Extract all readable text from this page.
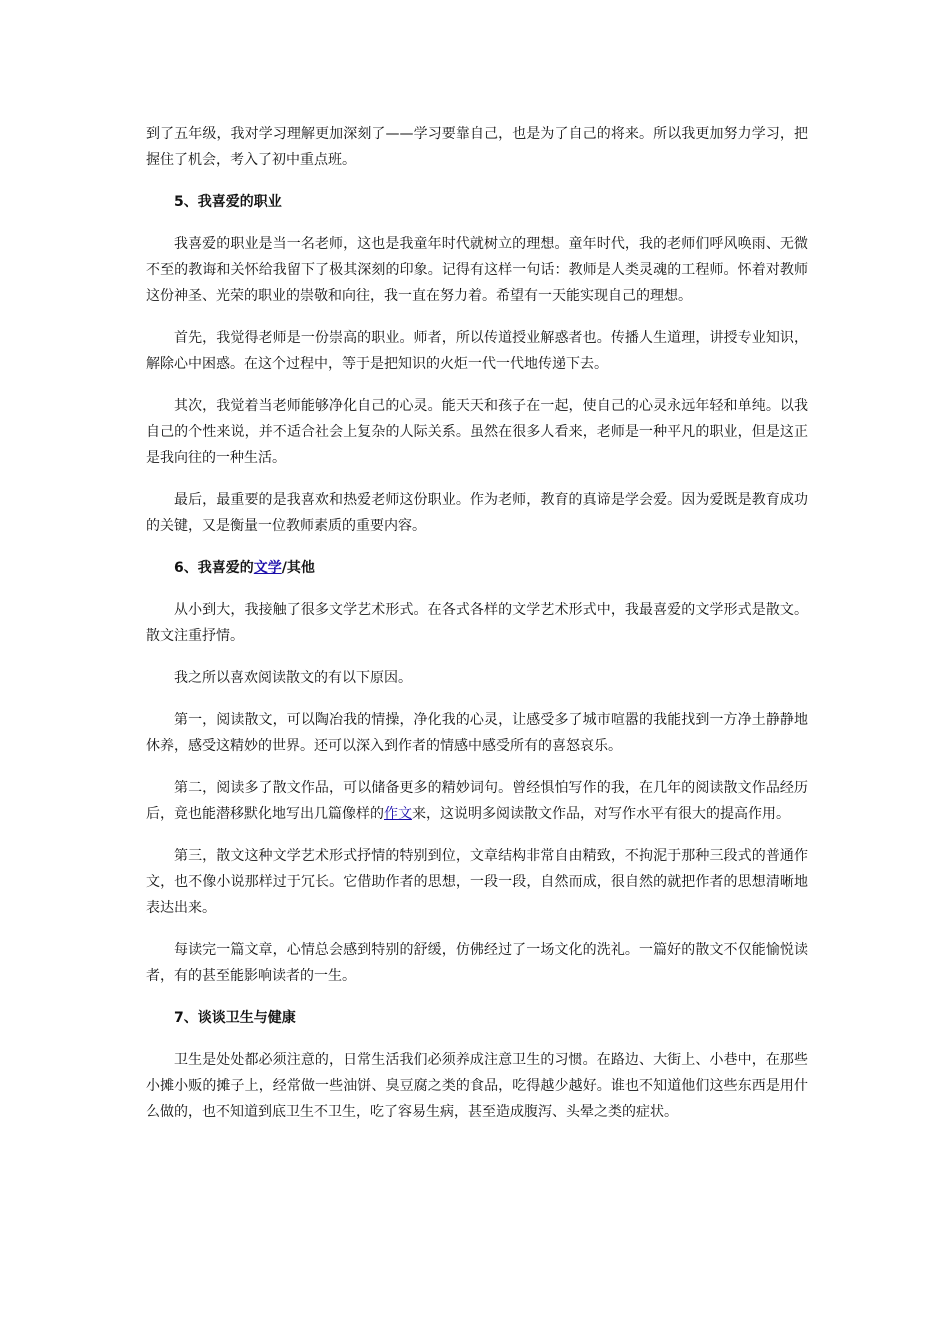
到了五年级，我对学习理解更加深刻了——学习要靠自己，也是为了自己的将来。所以我更加努力学习，把握住了机会，考入了初中重点班。

5、我喜爱的职业

我喜爱的职业是当一名老师，这也是我童年时代就树立的理想。童年时代，我的老师们呼风唤雨、无微不至的教诲和关怀给我留下了极其深刻的印象。记得有这样一句话：教师是人类灵魂的工程师。怀着对教师这份神圣、光荣的职业的崇敬和向往，我一直在努力着。希望有一天能实现自己的理想。

首先，我觉得老师是一份崇高的职业。师者，所以传道授业解惑者也。传播人生道理，讲授专业知识，解除心中困惑。在这个过程中，等于是把知识的火炬一代一代地传递下去。

其次，我觉着当老师能够净化自己的心灵。能天天和孩子在一起，使自己的心灵永远年轻和单纯。以我自己的个性来说，并不适合社会上复杂的人际关系。虽然在很多人看来，老师是一种平凡的职业，但是这正是我向往的一种生活。

最后，最重要的是我喜欢和热爱老师这份职业。作为老师，教育的真谛是学会爱。因为爱既是教育成功的关键，又是衡量一位教师素质的重要内容。

6、我喜爱的文学/其他

从小到大，我接触了很多文学艺术形式。在各式各样的文学艺术形式中，我最喜爱的文学形式是散文。散文注重抒情。

我之所以喜欢阅读散文的有以下原因。

第一，阅读散文，可以陶冶我的情操，净化我的心灵，让感受多了城市喧嚣的我能找到一方净土静静地休养，感受这精妙的世界。还可以深入到作者的情感中感受所有的喜怒哀乐。

第二，阅读多了散文作品，可以储备更多的精妙词句。曾经惧怕写作的我，在几年的阅读散文作品经历后，竟也能潜移默化地写出几篇像样的作文来，这说明多阅读散文作品，对写作水平有很大的提高作用。

第三，散文这种文学艺术形式抒情的特别到位，文章结构非常自由精致，不拘泥于那种三段式的普通作文，也不像小说那样过于冗长。它借助作者的思想，一段一段，自然而成，很自然的就把作者的思想清晰地表达出来。

每读完一篇文章，心情总会感到特别的舒缓，仿佛经过了一场文化的洗礼。一篇好的散文不仅能愉悦读者，有的甚至能影响读者的一生。

7、谈谈卫生与健康

卫生是处处都必须注意的，日常生活我们必须养成注意卫生的习惯。在路边、大街上、小巷中，在那些小摊小贩的摊子上，经常做一些油饼、臭豆腐之类的食品，吃得越少越好。谁也不知道他们这些东西是用什么做的，也不知道到底卫生不卫生，吃了容易生病，甚至造成腹泻、头晕之类的症状。
